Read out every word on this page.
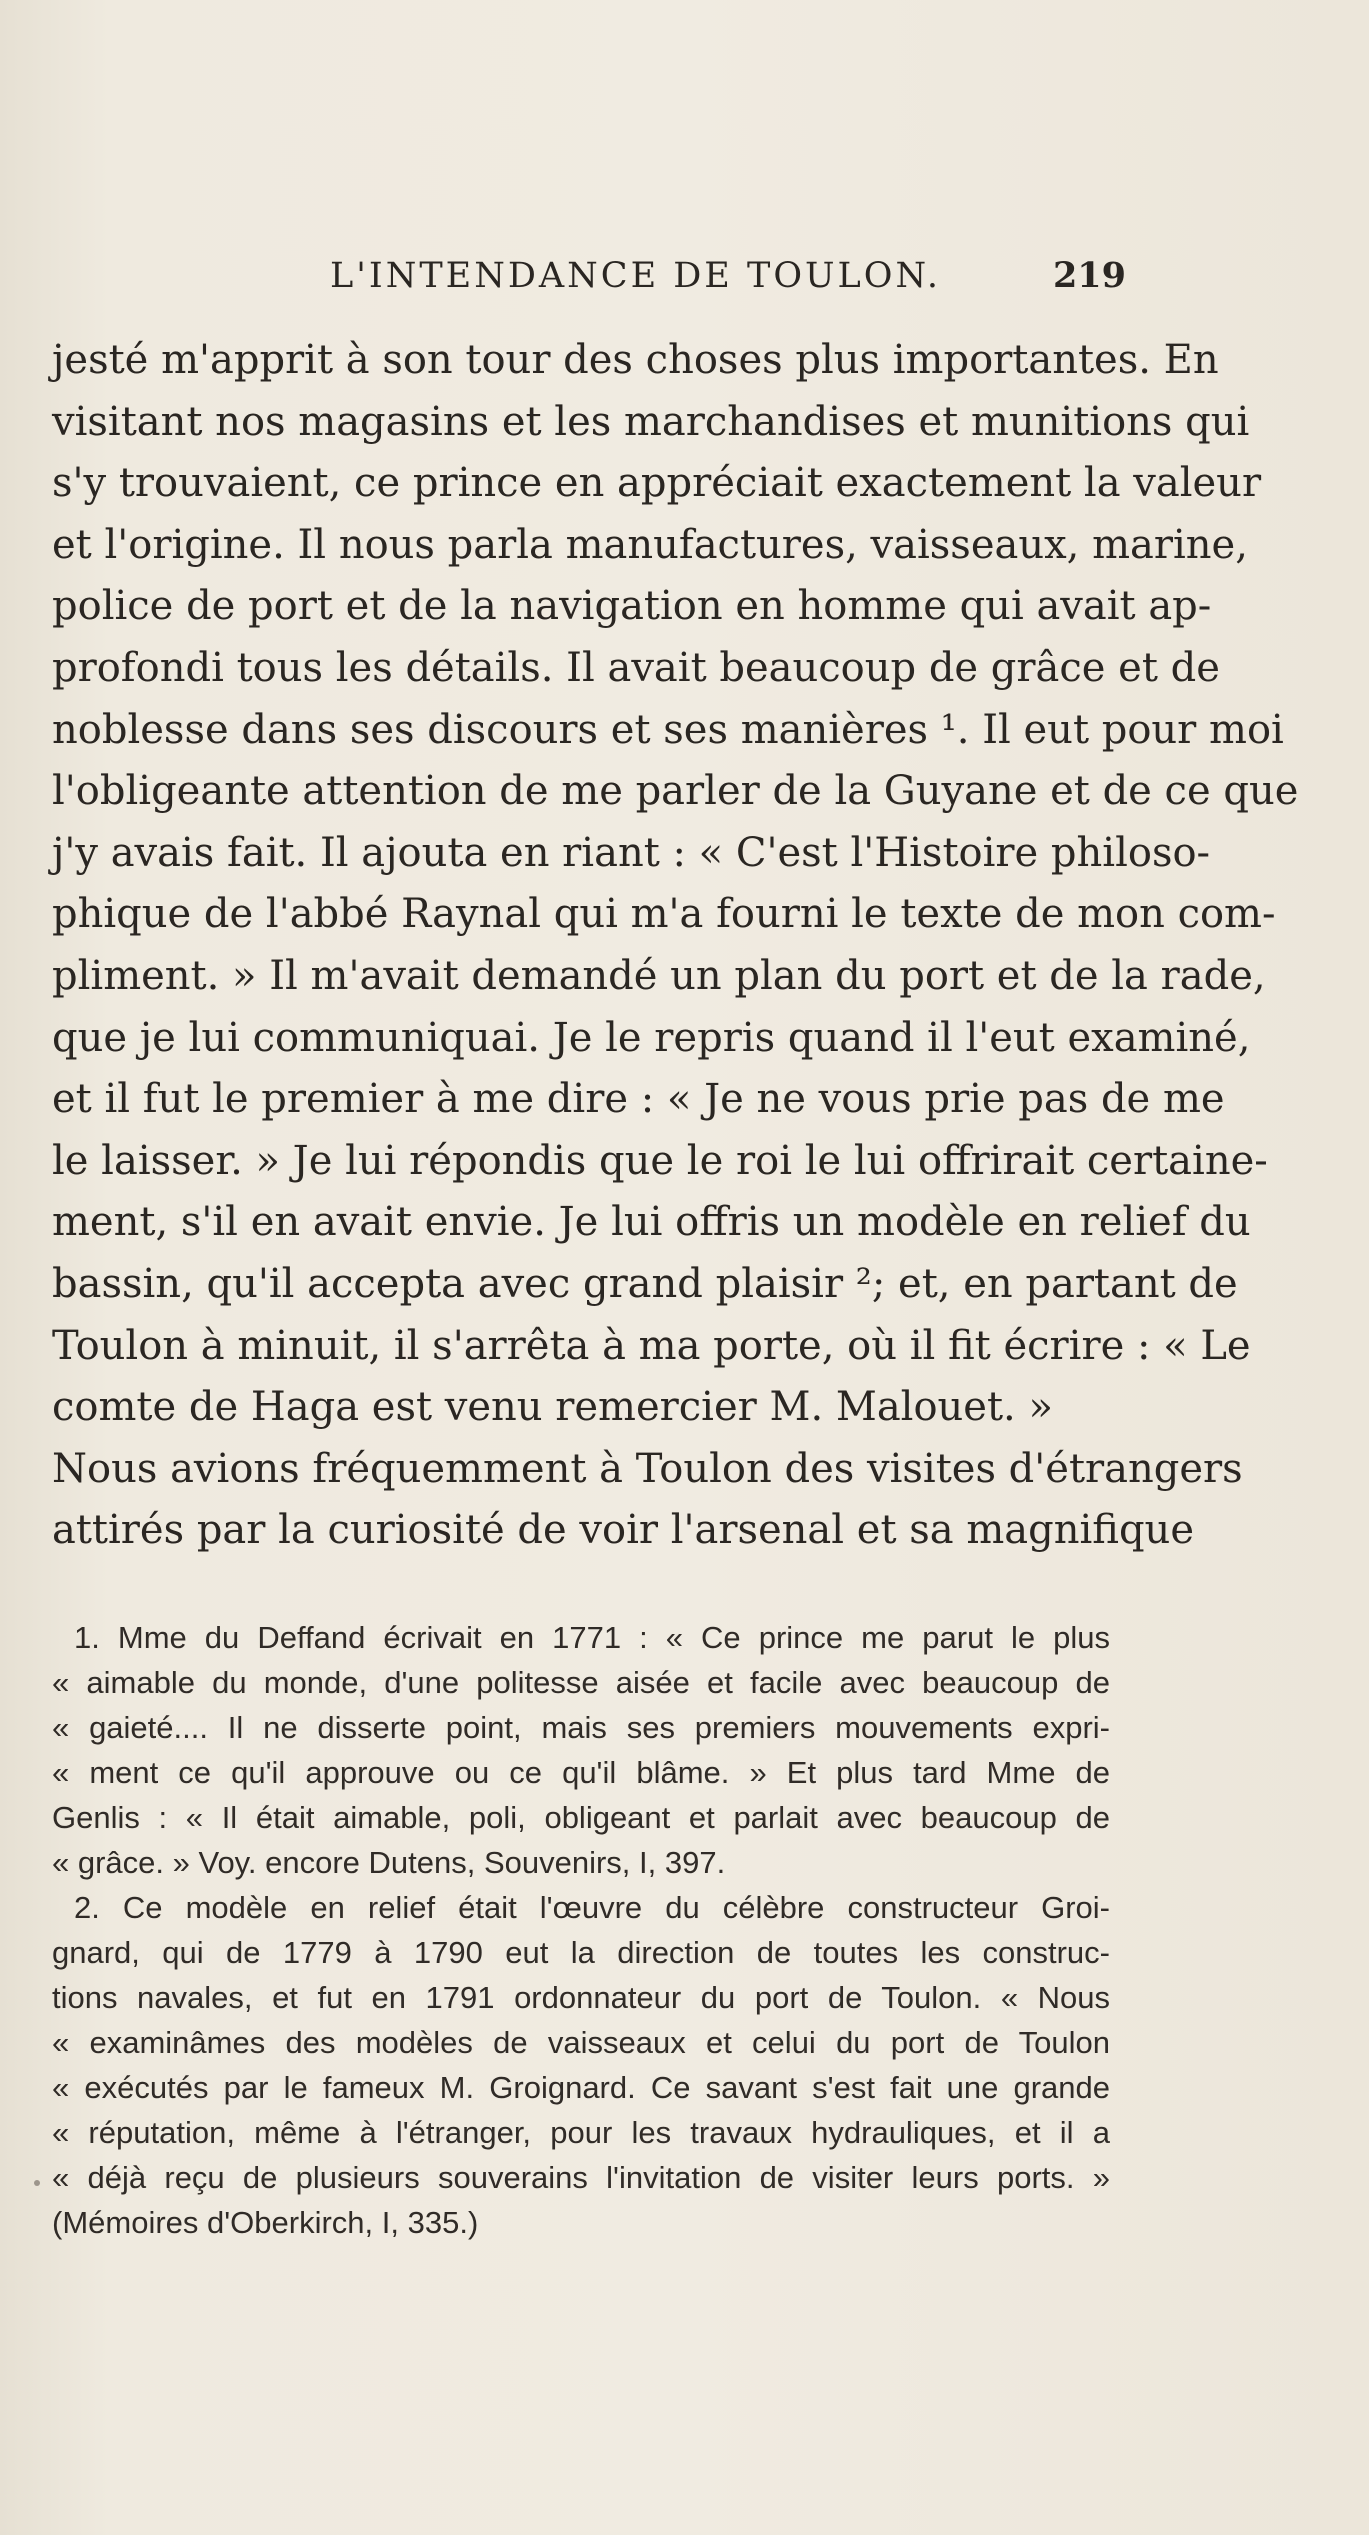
L'INTENDANCE DE TOULON.	219
jesté m'apprit à son tour des choses plus importantes. En
visitant nos magasins et les marchandises et munitions qui
s'y trouvaient, ce prince en appréciait exactement la valeur
et l'origine. Il nous parla manufactures, vaisseaux, marine,
police de port et de la navigation en homme qui avait ap-
profondi tous les détails. Il avait beaucoup de grâce et de
noblesse dans ses discours et ses manières ¹. Il eut pour moi
l'obligeante attention de me parler de la Guyane et de ce que
j'y avais fait. Il ajouta en riant : « C'est l'Histoire philoso-
phique de l'abbé Raynal qui m'a fourni le texte de mon com-
pliment. » Il m'avait demandé un plan du port et de la rade,
que je lui communiquai. Je le repris quand il l'eut examiné,
et il fut le premier à me dire : « Je ne vous prie pas de me
le laisser. » Je lui répondis que le roi le lui offrirait certaine-
ment, s'il en avait envie. Je lui offris un modèle en relief du
bassin, qu'il accepta avec grand plaisir ²; et, en partant de
Toulon à minuit, il s'arrêta à ma porte, où il fit écrire : « Le
comte de Haga est venu remercier M. Malouet. »
Nous avions fréquemment à Toulon des visites d'étrangers
attirés par la curiosité de voir l'arsenal et sa magnifique
1. Mme du Deffand écrivait en 1771 : « Ce prince me parut le plus
« aimable du monde, d'une politesse aisée et facile avec beaucoup de
« gaieté.... Il ne disserte point, mais ses premiers mouvements expri-
« ment ce qu'il approuve ou ce qu'il blâme. » Et plus tard Mme de
Genlis : « Il était aimable, poli, obligeant et parlait avec beaucoup de
« grâce. » Voy. encore Dutens, Souvenirs, I, 397.
2. Ce modèle en relief était l'œuvre du célèbre constructeur Groi-
gnard, qui de 1779 à 1790 eut la direction de toutes les construc-
tions navales, et fut en 1791 ordonnateur du port de Toulon. « Nous
« examinâmes des modèles de vaisseaux et celui du port de Toulon
« exécutés par le fameux M. Groignard. Ce savant s'est fait une grande
« réputation, même à l'étranger, pour les travaux hydrauliques, et il a
« déjà reçu de plusieurs souverains l'invitation de visiter leurs ports. »
(Mémoires d'Oberkirch, I, 335.)
